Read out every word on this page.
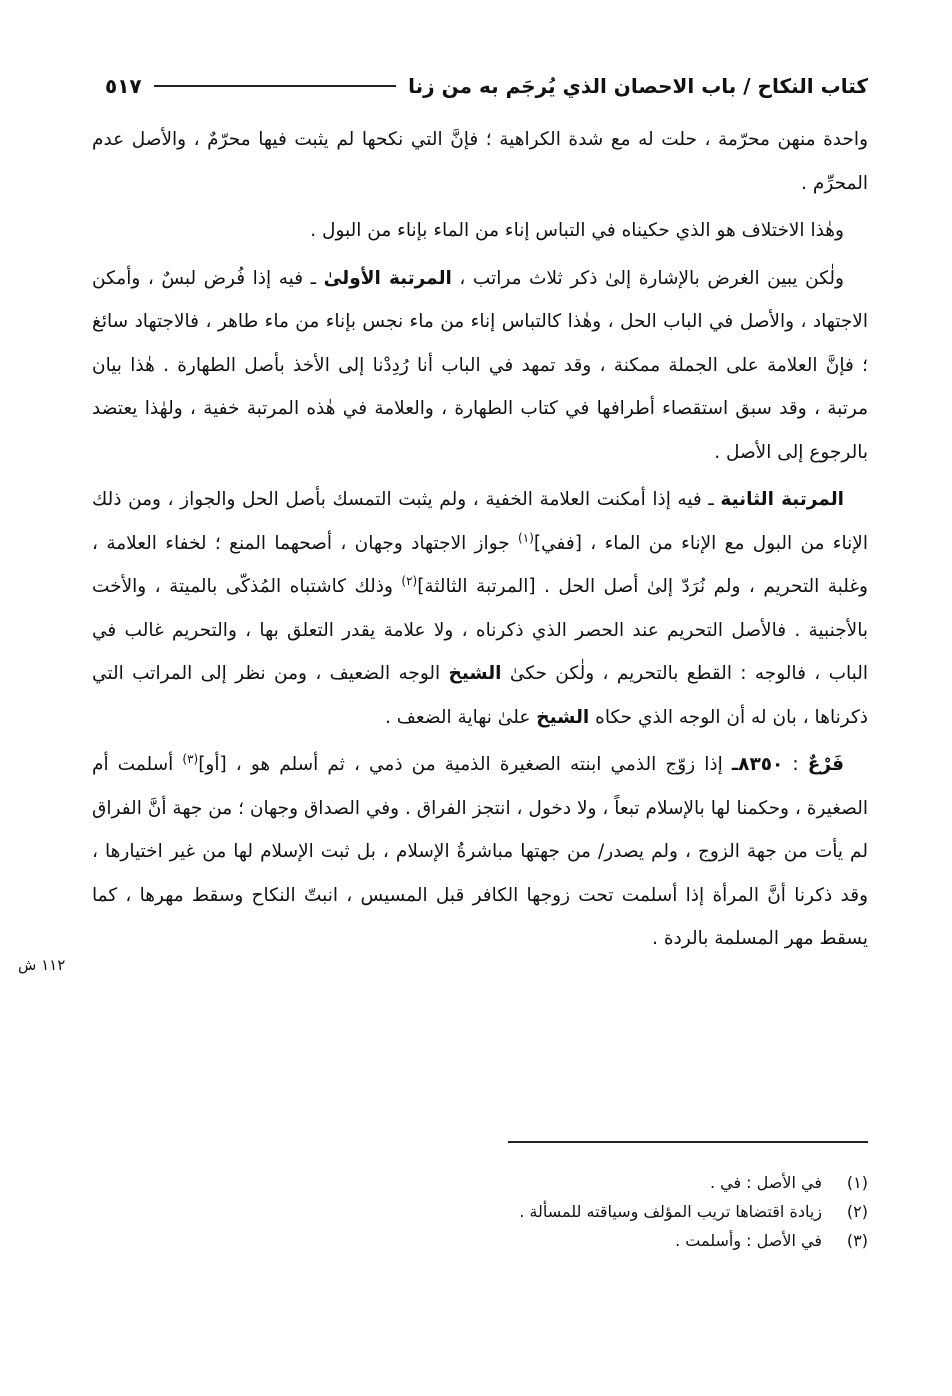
كتاب النكاح / باب الاحصان الذي يُرجَم به من زنا
٥١٧

واحدة منهن محرّمة ، حلت له مع شدة الكراهية ؛ فإنَّ التي نكحها لم يثبت فيها محرّمٌ ، والأصل عدم المحرِّم .

وهٰذا الاختلاف هو الذي حكيناه في التباس إناء من الماء بإناء من البول .

ولٰكن يبين الغرض بالإشارة إلىٰ ذكر ثلاث مراتب ، المرتبة الأولىٰ ـ فيه إذا فُرض لبسٌ ، وأمكن الاجتهاد ، والأصل في الباب الحل ، وهٰذا كالتباس إناء من ماء نجس بإناء من ماء طاهر ، فالاجتهاد سائغ ؛ فإنَّ العلامة على الجملة ممكنة ، وقد تمهد في الباب أنا رُدِدْنا إلى الأخذ بأصل الطهارة . هٰذا بيان مرتبة ، وقد سبق استقصاء أطرافها في كتاب الطهارة ، والعلامة في هٰذه المرتبة خفية ، ولهٰذا يعتضد بالرجوع إلى الأصل .

المرتبة الثانية ـ فيه إذا أمكنت العلامة الخفية ، ولم يثبت التمسك بأصل الحل والجواز ، ومن ذلك الإناء من البول مع الإناء من الماء ، [ففي]$^{(١)}$ جواز الاجتهاد وجهان ، أصحهما المنع ؛ لخفاء العلامة ، وغلبة التحريم ، ولم نُرَدّ إلىٰ أصل الحل . [المرتبة الثالثة]$^{(٢)}$ وذلك كاشتباه المُذكّى بالميتة ، والأخت بالأجنبية . فالأصل التحريم عند الحصر الذي ذكرناه ، ولا علامة يقدر التعلق بها ، والتحريم غالب في الباب ، فالوجه : القطع بالتحريم ، ولٰكن حكىٰ الشيخ الوجه الضعيف ، ومن نظر إلى المراتب التي ذكرناها ، بان له أن الوجه الذي حكاه الشيخ علىٰ نهاية الضعف .

فَرْعٌ : ٨٣٥٠ـ إذا زوّج الذمي ابنته الصغيرة الذمية من ذمي ، ثم أسلم هو ، [أو]$^{(٣)}$ أسلمت أم الصغيرة ، وحكمنا لها بالإسلام تبعاً ، ولا دخول ، انتجز الفراق . وفي الصداق وجهان ؛ من جهة أنَّ الفراق لم يأت من جهة الزوج ، ولم يصدر/ من جهتها مباشرةُ الإسلام ، بل ثبت الإسلام لها من غير اختيارها ، وقد ذكرنا أنَّ المرأة إذا أسلمت تحت زوجها الكافر قبل المسيس ، انبتّ النكاح وسقط مهرها ، كما يسقط مهر المسلمة بالردة .

١١٢ ش
(١)
في الأصل : في .
(٢)
زيادة اقتضاها تريب المؤلف وسياقته للمسألة .
(٣)
في الأصل : وأسلمت .
